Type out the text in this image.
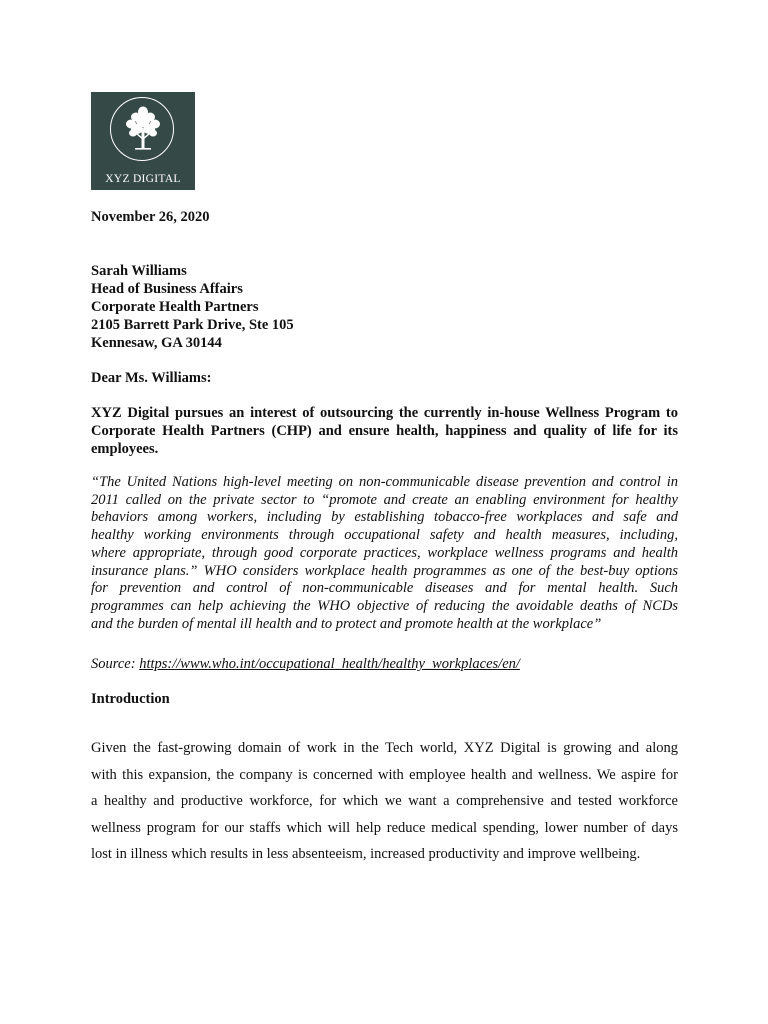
XYZ DIGITAL
November 26, 2020
Sarah Williams
Head of Business Affairs
Corporate Health Partners
2105 Barrett Park Drive, Ste 105
Kennesaw, GA 30144
Dear Ms. Williams:
XYZ Digital pursues an interest of outsourcing the currently in-house Wellness Program to
Corporate Health Partners (CHP) and ensure health, happiness and quality of life for its
employees.
“The United Nations high-level meeting on non-communicable disease prevention and control in
2011 called on the private sector to “promote and create an enabling environment for healthy
behaviors among workers, including by establishing tobacco-free workplaces and safe and
healthy working environments through occupational safety and health measures, including,
where appropriate, through good corporate practices, workplace wellness programs and health
insurance plans.” WHO considers workplace health programmes as one of the best-buy options
for prevention and control of non-communicable diseases and for mental health. Such
programmes can help achieving the WHO objective of reducing the avoidable deaths of NCDs
and the burden of mental ill health and to protect and promote health at the workplace”
Source: https://www.who.int/occupational_health/healthy_workplaces/en/
Introduction
Given the fast-growing domain of work in the Tech world, XYZ Digital is growing and along
with this expansion, the company is concerned with employee health and wellness. We aspire for
a healthy and productive workforce, for which we want a comprehensive and tested workforce
wellness program for our staffs which will help reduce medical spending, lower number of days
lost in illness which results in less absenteeism, increased productivity and improve wellbeing.
